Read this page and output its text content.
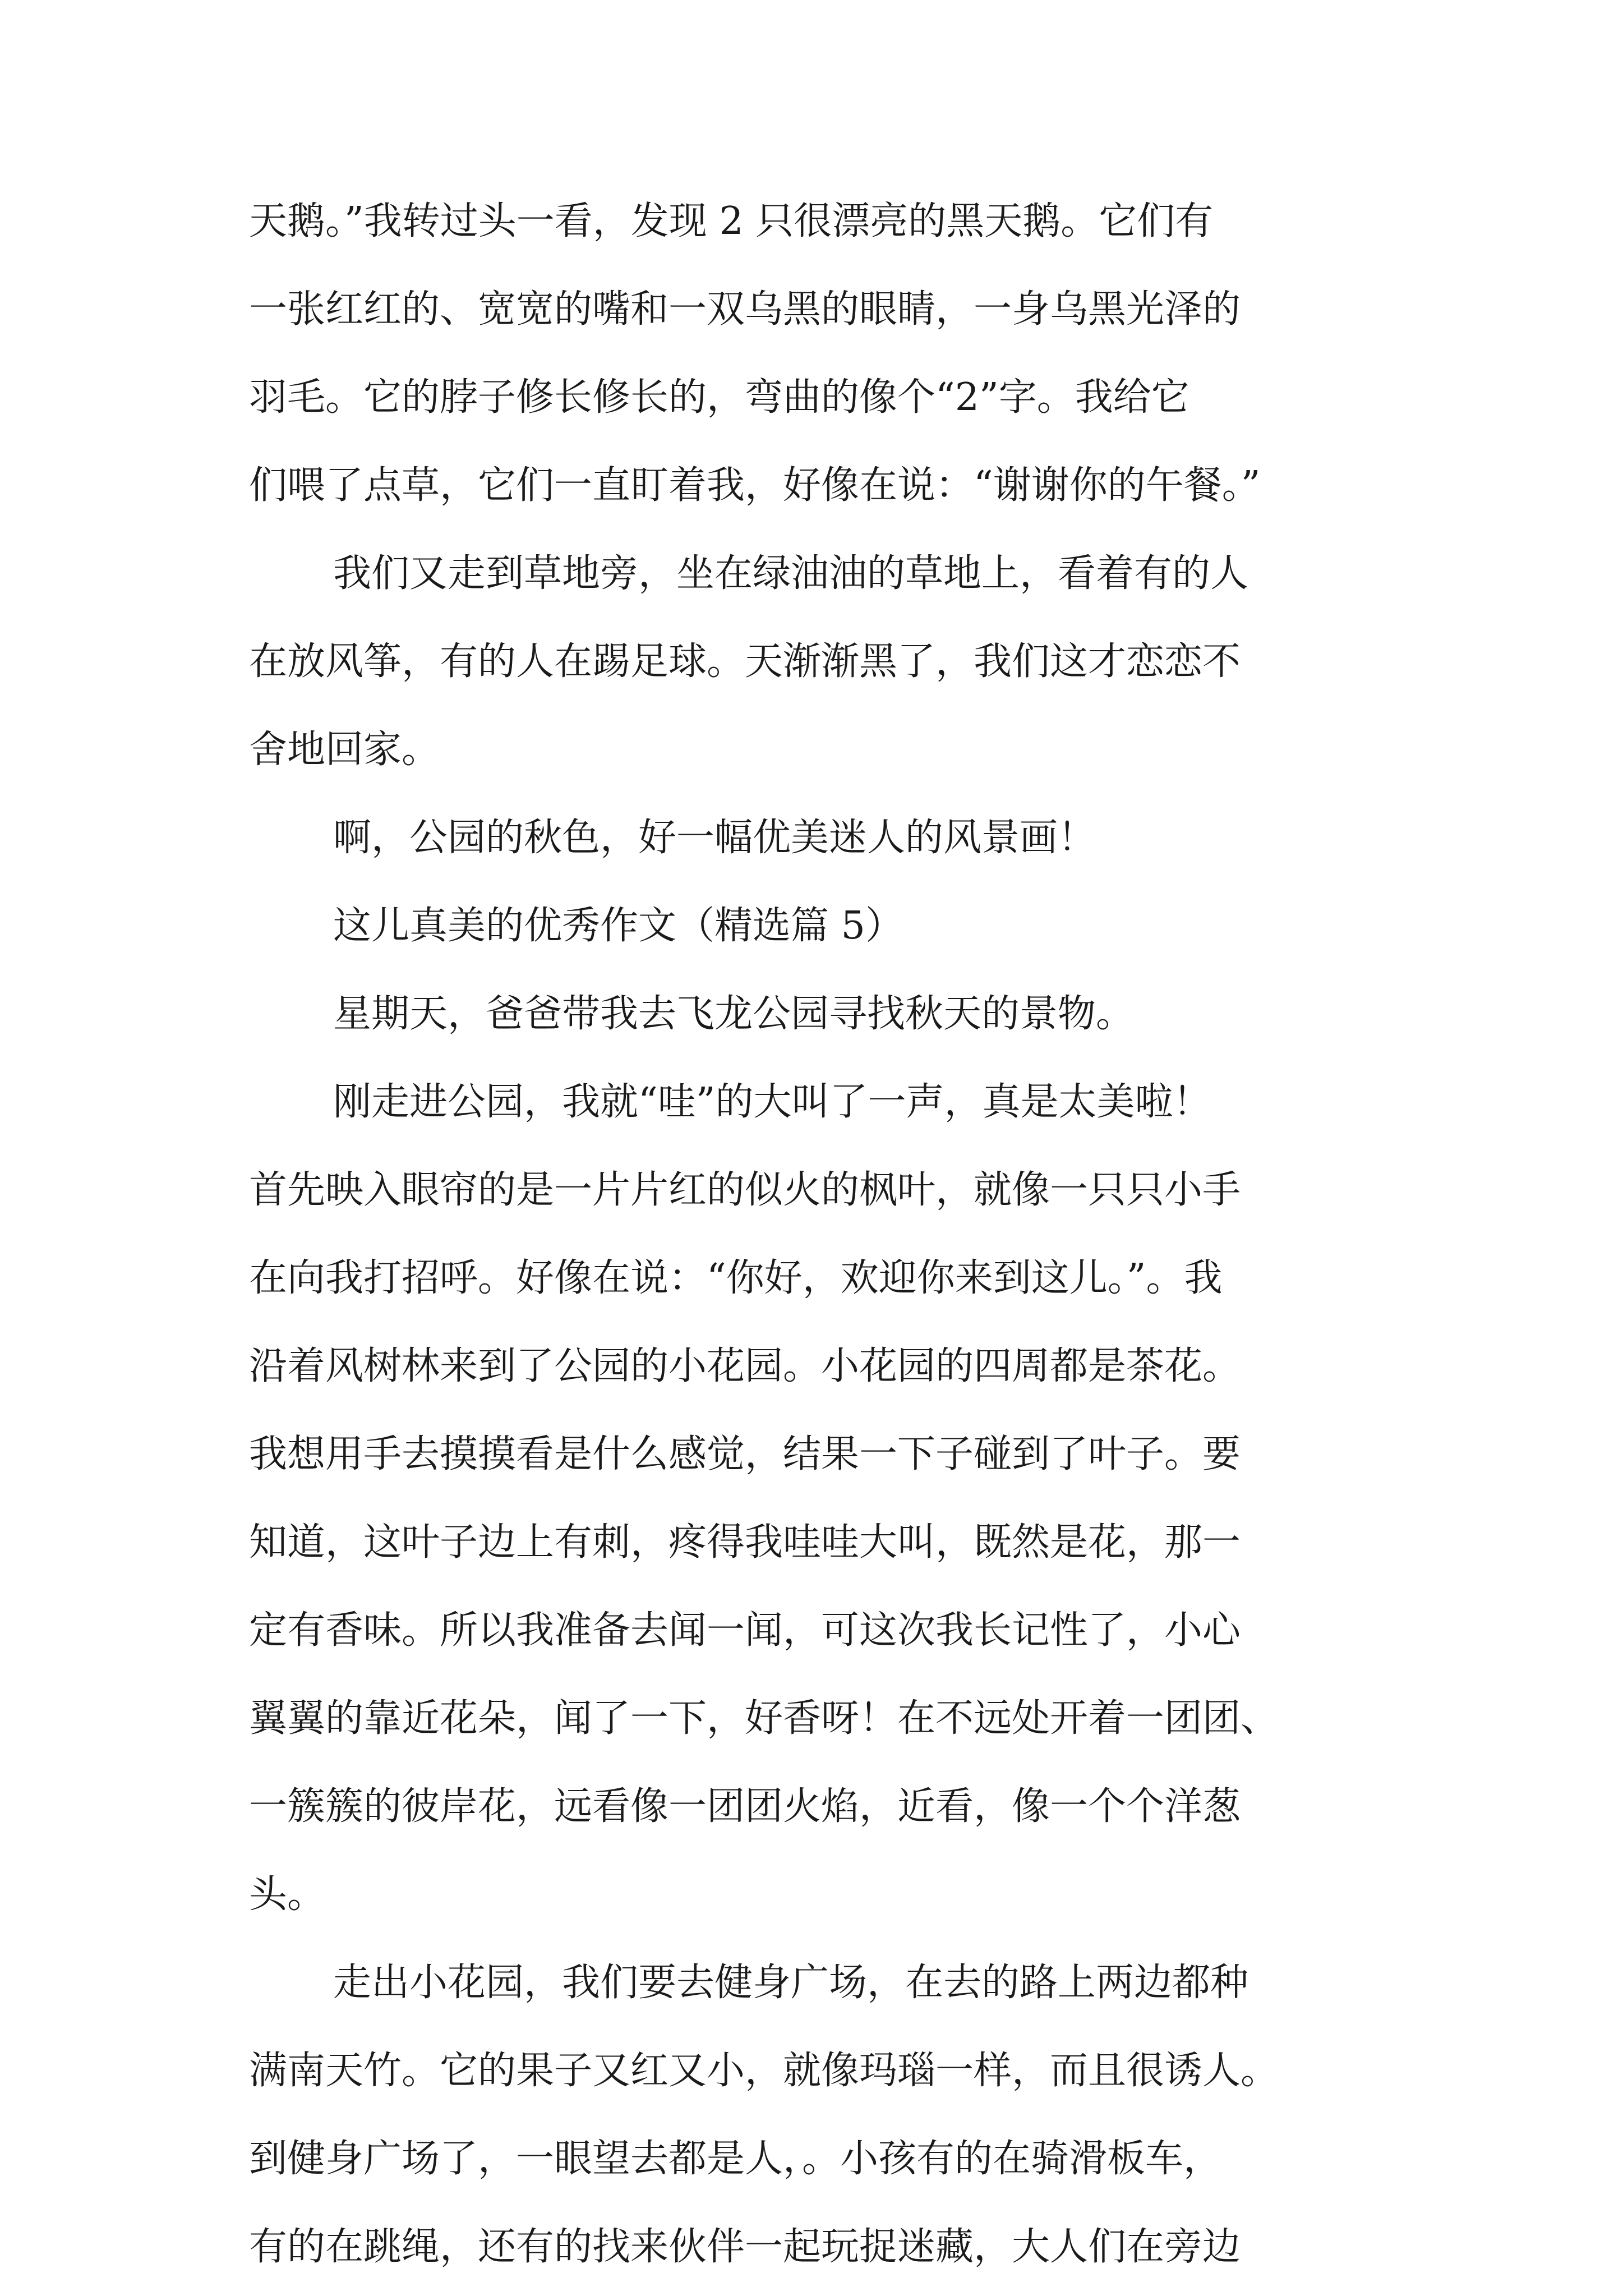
天鹅。”我转过头一看，发现 2 只很漂亮的黑天鹅。它们有
一张红红的、宽宽的嘴和一双乌黑的眼睛，一身乌黑光泽的
羽毛。它的脖子修长修长的，弯曲的像个“2”字。我给它
们喂了点草，它们一直盯着我，好像在说：“谢谢你的午餐。”
我们又走到草地旁，坐在绿油油的草地上，看着有的人
在放风筝，有的人在踢足球。天渐渐黑了，我们这才恋恋不
舍地回家。
啊，公园的秋色，好一幅优美迷人的风景画！
这儿真美的优秀作文（精选篇 5）
星期天，爸爸带我去飞龙公园寻找秋天的景物。
刚走进公园，我就“哇”的大叫了一声，真是太美啦！
首先映入眼帘的是一片片红的似火的枫叶，就像一只只小手
在向我打招呼。好像在说：“你好，欢迎你来到这儿。”。我
沿着风树林来到了公园的小花园。小花园的四周都是茶花。
我想用手去摸摸看是什么感觉，结果一下子碰到了叶子。要
知道，这叶子边上有刺，疼得我哇哇大叫，既然是花，那一
定有香味。所以我准备去闻一闻，可这次我长记性了，小心
翼翼的靠近花朵，闻了一下，好香呀！在不远处开着一团团、
一簇簇的彼岸花，远看像一团团火焰，近看，像一个个洋葱
头。
走出小花园，我们要去健身广场，在去的路上两边都种
满南天竹。它的果子又红又小，就像玛瑙一样，而且很诱人。
到健身广场了，一眼望去都是人，。小孩有的在骑滑板车，
有的在跳绳，还有的找来伙伴一起玩捉迷藏，大人们在旁边
